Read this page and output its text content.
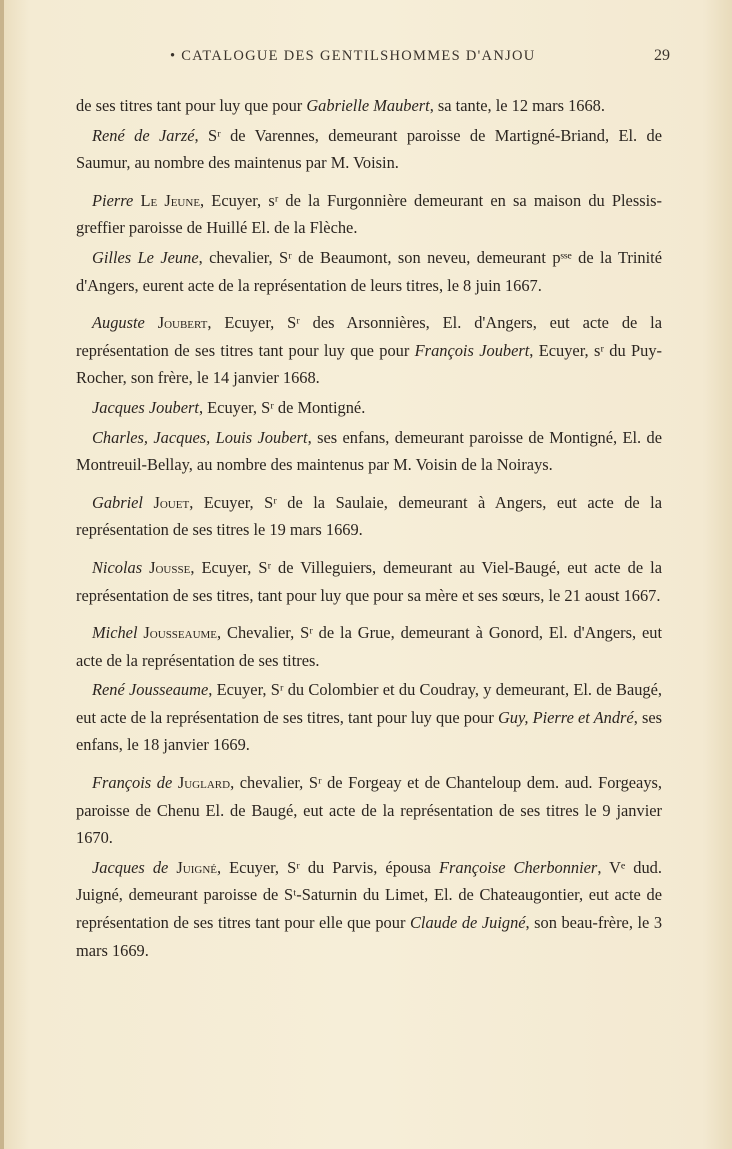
• CATALOGUE DES GENTILSHOMMES D'ANJOU	29

de ses titres tant pour luy que pour Gabrielle Maubert, sa tante, le 12 mars 1668.

René de Jarzé, Sʳ de Varennes, demeurant paroisse de Martigné-Briand, El. de Saumur, au nombre des maintenus par M. Voisin.

Pierre Le Jeune, Ecuyer, sʳ de la Furgonnière demeurant en sa maison du Plessis-greffier paroisse de Huillé El. de la Flèche.

Gilles Le Jeune, chevalier, Sʳ de Beaumont, son neveu, demeurant pˢˢᵉ de la Trinité d'Angers, eurent acte de la représentation de leurs titres, le 8 juin 1667.

Auguste Joubert, Ecuyer, Sʳ des Arsonnières, El. d'Angers, eut acte de la représentation de ses titres tant pour luy que pour François Joubert, Ecuyer, sʳ du Puy-Rocher, son frère, le 14 janvier 1668.

Jacques Joubert, Ecuyer, Sʳ de Montigné.

Charles, Jacques, Louis Joubert, ses enfans, demeurant paroisse de Montigné, El. de Montreuil-Bellay, au nombre des maintenus par M. Voisin de la Noirays.

Gabriel Jouet, Ecuyer, Sʳ de la Saulaie, demeurant à Angers, eut acte de la représentation de ses titres le 19 mars 1669.

Nicolas Jousse, Ecuyer, Sʳ de Villeguiers, demeurant au Viel-Baugé, eut acte de la représentation de ses titres, tant pour luy que pour sa mère et ses sœurs, le 21 aoust 1667.

Michel Jousseaume, Chevalier, Sʳ de la Grue, demeurant à Gonord, El. d'Angers, eut acte de la représentation de ses titres.

René Jousseaume, Ecuyer, Sʳ du Colombier et du Coudray, y demeurant, El. de Baugé, eut acte de la représentation de ses titres, tant pour luy que pour Guy, Pierre et André, ses enfans, le 18 janvier 1669.

François de Juglard, chevalier, Sʳ de Forgeay et de Chanteloup dem. aud. Forgeays, paroisse de Chenu El. de Baugé, eut acte de la représentation de ses titres le 9 janvier 1670.

Jacques de Juigné, Ecuyer, Sʳ du Parvis, épousa Françoise Cherbonnier, Vᵉ dud. Juigné, demeurant paroisse de Sᵗ-Saturnin du Limet, El. de Chateaugontier, eut acte de représentation de ses titres tant pour elle que pour Claude de Juigné, son beau-frère, le 3 mars 1669.
